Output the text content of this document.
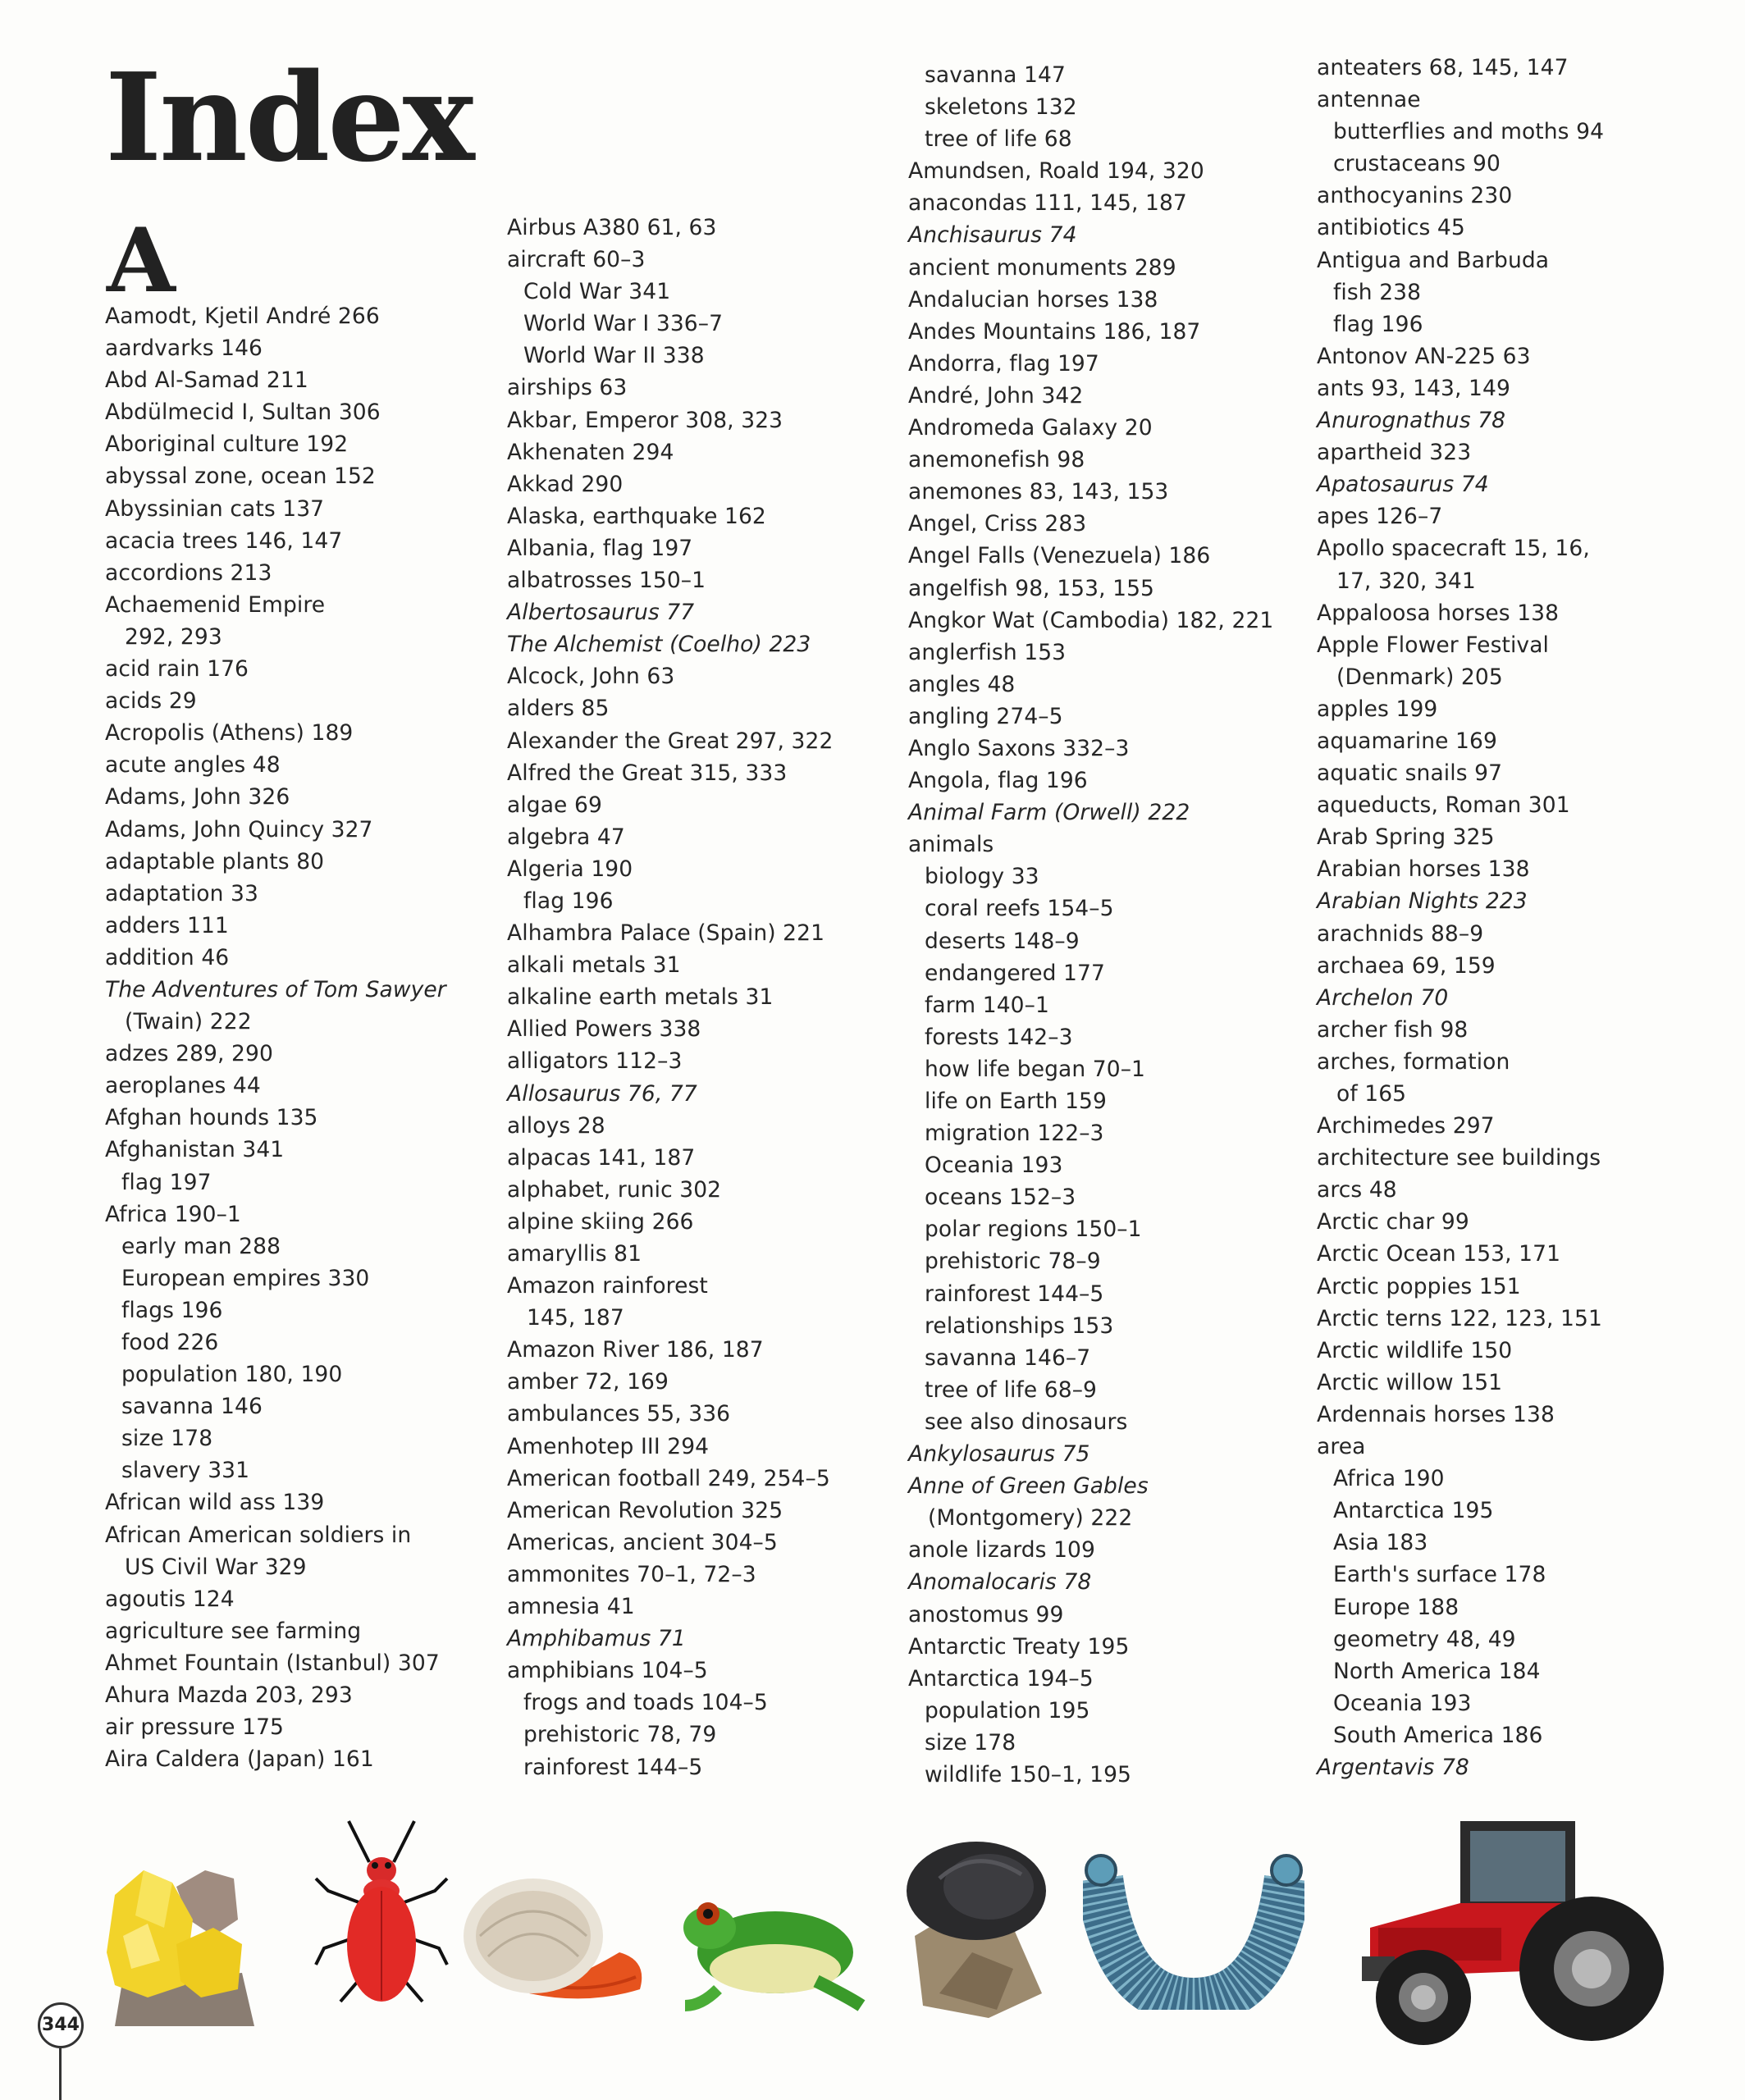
Index
A
Aamodt, Kjetil André 266
aardvarks 146
Abd Al-Samad 211
Abdülmecid I, Sultan 306
Aboriginal culture 192
abyssal zone, ocean 152
Abyssinian cats 137
acacia trees 146, 147
accordions 213
Achaemenid Empire
292, 293
acid rain 176
acids 29
Acropolis (Athens) 189
acute angles 48
Adams, John 326
Adams, John Quincy 327
adaptable plants 80
adaptation 33
adders 111
addition 46
The Adventures of Tom Sawyer
(Twain) 222
adzes 289, 290
aeroplanes 44
Afghan hounds 135
Afghanistan 341
flag 197
Africa 190–1
early man 288
European empires 330
flags 196
food 226
population 180, 190
savanna 146
size 178
slavery 331
African wild ass 139
African American soldiers in
US Civil War 329
agoutis 124
agriculture see farming
Ahmet Fountain (Istanbul) 307
Ahura Mazda 203, 293
air pressure 175
Aira Caldera (Japan) 161
Airbus A380 61, 63
aircraft 60–3
Cold War 341
World War I 336–7
World War II 338
airships 63
Akbar, Emperor 308, 323
Akhenaten 294
Akkad 290
Alaska, earthquake 162
Albania, flag 197
albatrosses 150–1
Albertosaurus 77
The Alchemist (Coelho) 223
Alcock, John 63
alders 85
Alexander the Great 297, 322
Alfred the Great 315, 333
algae 69
algebra 47
Algeria 190
flag 196
Alhambra Palace (Spain) 221
alkali metals 31
alkaline earth metals 31
Allied Powers 338
alligators 112–3
Allosaurus 76, 77
alloys 28
alpacas 141, 187
alphabet, runic 302
alpine skiing 266
amaryllis 81
Amazon rainforest
145, 187
Amazon River 186, 187
amber 72, 169
ambulances 55, 336
Amenhotep III 294
American football 249, 254–5
American Revolution 325
Americas, ancient 304–5
ammonites 70–1, 72–3
amnesia 41
Amphibamus 71
amphibians 104–5
frogs and toads 104–5
prehistoric 78, 79
rainforest 144–5
savanna 147
skeletons 132
tree of life 68
Amundsen, Roald 194, 320
anacondas 111, 145, 187
Anchisaurus 74
ancient monuments 289
Andalucian horses 138
Andes Mountains 186, 187
Andorra, flag 197
André, John 342
Andromeda Galaxy 20
anemonefish 98
anemones 83, 143, 153
Angel, Criss 283
Angel Falls (Venezuela) 186
angelfish 98, 153, 155
Angkor Wat (Cambodia) 182, 221
anglerfish 153
angles 48
angling 274–5
Anglo Saxons 332–3
Angola, flag 196
Animal Farm (Orwell) 222
animals
biology 33
coral reefs 154–5
deserts 148–9
endangered 177
farm 140–1
forests 142–3
how life began 70–1
life on Earth 159
migration 122–3
Oceania 193
oceans 152–3
polar regions 150–1
prehistoric 78–9
rainforest 144–5
relationships 153
savanna 146–7
tree of life 68–9
see also dinosaurs
Ankylosaurus 75
Anne of Green Gables
(Montgomery) 222
anole lizards 109
Anomalocaris 78
anostomus 99
Antarctic Treaty 195
Antarctica 194–5
population 195
size 178
wildlife 150–1, 195
anteaters 68, 145, 147
antennae
butterflies and moths 94
crustaceans 90
anthocyanins 230
antibiotics 45
Antigua and Barbuda
fish 238
flag 196
Antonov AN-225 63
ants 93, 143, 149
Anurognathus 78
apartheid 323
Apatosaurus 74
apes 126–7
Apollo spacecraft 15, 16,
17, 320, 341
Appaloosa horses 138
Apple Flower Festival
(Denmark) 205
apples 199
aquamarine 169
aquatic snails 97
aqueducts, Roman 301
Arab Spring 325
Arabian horses 138
Arabian Nights 223
arachnids 88–9
archaea 69, 159
Archelon 70
archer fish 98
arches, formation
of 165
Archimedes 297
architecture see buildings
arcs 48
Arctic char 99
Arctic Ocean 153, 171
Arctic poppies 151
Arctic terns 122, 123, 151
Arctic wildlife 150
Arctic willow 151
Ardennais horses 138
area
Africa 190
Antarctica 195
Asia 183
Earth's surface 178
Europe 188
geometry 48, 49
North America 184
Oceania 193
South America 186
Argentavis 78
344
